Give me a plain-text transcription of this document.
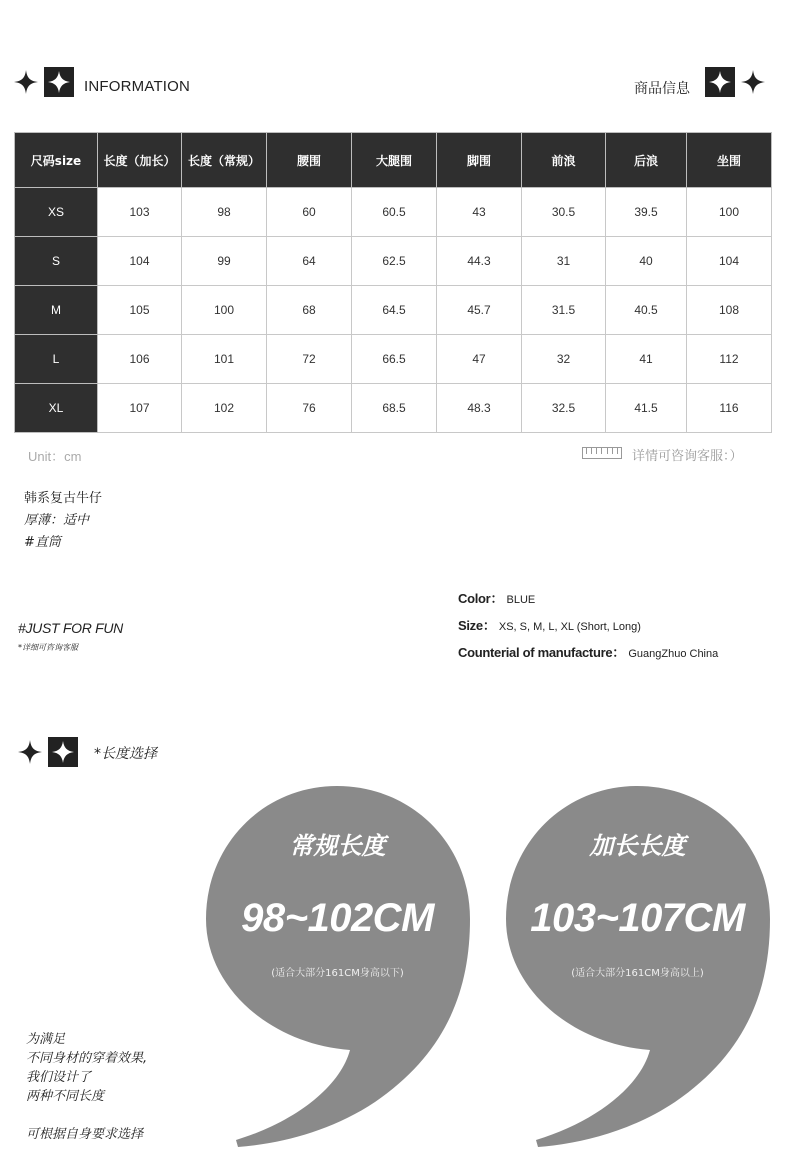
INFORMATION	商品信息
尺码size	长度（加长）	长度（常规）	腰围	大腿围	脚围	前浪	后浪	坐围
XS	103	98	60	60.5	43	30.5	39.5	100
S	104	99	64	62.5	44.3	31	40	104
M	105	100	68	64.5	45.7	31.5	40.5	108
L	106	101	72	66.5	47	32	41	112
XL	107	102	76	68.5	48.3	32.5	41.5	116
Unit：cm	详情可咨询客服：）
韩系复古牛仔
厚薄：适中
#直筒
#JUST FOR FUN
*详细可咨询客服
Color： BLUE
Size： XS, S, M, L, XL (Short, Long)
Counterial of manufacture： GuangZhuo China
*长度选择
常规长度
98~102CM
(适合大部分161CM身高以下)
加长长度
103~107CM
(适合大部分161CM身高以上)
为满足
不同身材的穿着效果,
我们设计了
两种不同长度
可根据自身要求选择
